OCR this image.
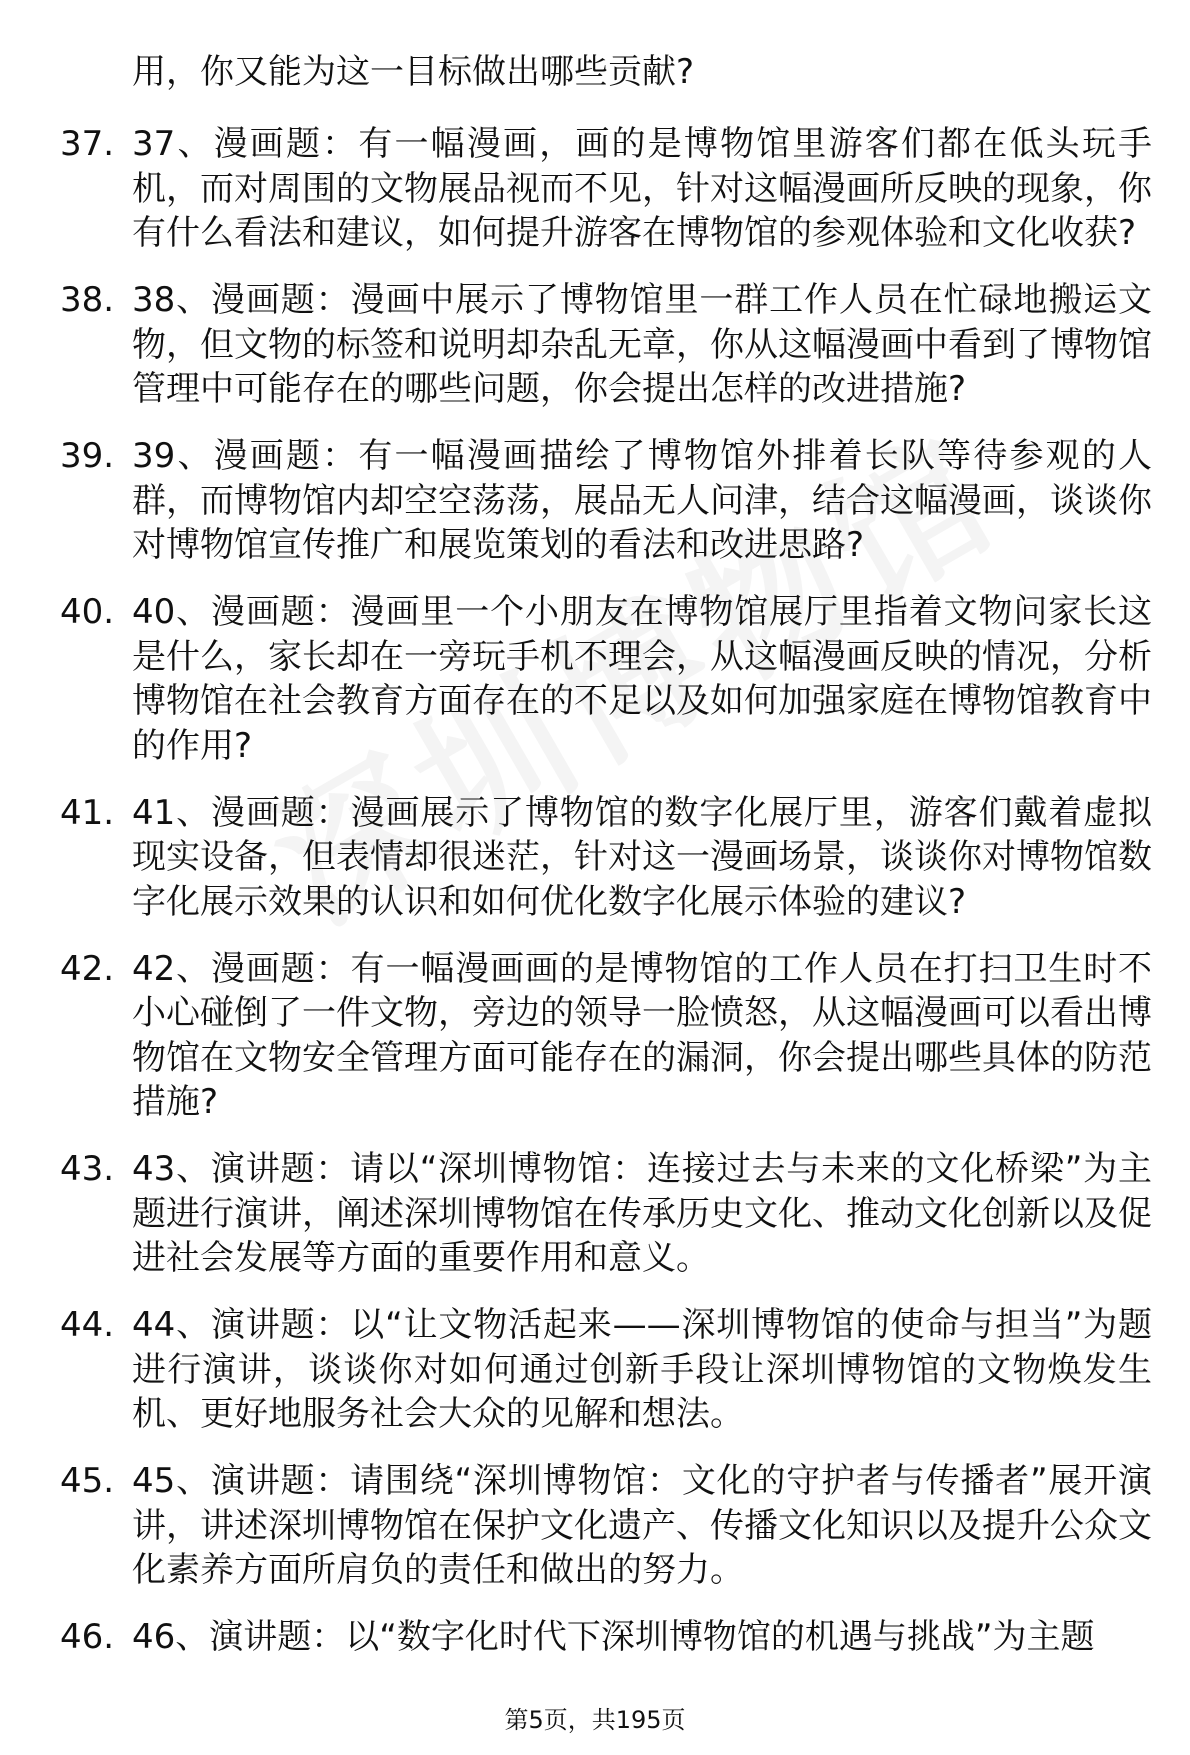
用，你又能为这一目标做出哪些贡献?

37. 37、漫画题：有一幅漫画，画的是博物馆里游客们都在低头玩手机，而对周围的文物展品视而不见，针对这幅漫画所反映的现象，你有什么看法和建议，如何提升游客在博物馆的参观体验和文化收获?
38. 38、漫画题：漫画中展示了博物馆里一群工作人员在忙碌地搬运文物，但文物的标签和说明却杂乱无章，你从这幅漫画中看到了博物馆管理中可能存在的哪些问题，你会提出怎样的改进措施?
39. 39、漫画题：有一幅漫画描绘了博物馆外排着长队等待参观的人群，而博物馆内却空空荡荡，展品无人问津，结合这幅漫画，谈谈你对博物馆宣传推广和展览策划的看法和改进思路?
40. 40、漫画题：漫画里一个小朋友在博物馆展厅里指着文物问家长这是什么，家长却在一旁玩手机不理会，从这幅漫画反映的情况，分析博物馆在社会教育方面存在的不足以及如何加强家庭在博物馆教育中的作用?
41. 41、漫画题：漫画展示了博物馆的数字化展厅里，游客们戴着虚拟现实设备，但表情却很迷茫，针对这一漫画场景，谈谈你对博物馆数字化展示效果的认识和如何优化数字化展示体验的建议?
42. 42、漫画题：有一幅漫画画的是博物馆的工作人员在打扫卫生时不小心碰倒了一件文物，旁边的领导一脸愤怒，从这幅漫画可以看出博物馆在文物安全管理方面可能存在的漏洞，你会提出哪些具体的防范措施?
43. 43、演讲题：请以“深圳博物馆：连接过去与未来的文化桥梁”为主题进行演讲，阐述深圳博物馆在传承历史文化、推动文化创新以及促进社会发展等方面的重要作用和意义。
44. 44、演讲题：以“让文物活起来——深圳博物馆的使命与担当”为题进行演讲，谈谈你对如何通过创新手段让深圳博物馆的文物焕发生机、更好地服务社会大众的见解和想法。
45. 45、演讲题：请围绕“深圳博物馆：文化的守护者与传播者”展开演讲，讲述深圳博物馆在保护文化遗产、传播文化知识以及提升公众文化素养方面所肩负的责任和做出的努力。
46. 46、演讲题：以“数字化时代下深圳博物馆的机遇与挑战”为主题
第5页，共195页
